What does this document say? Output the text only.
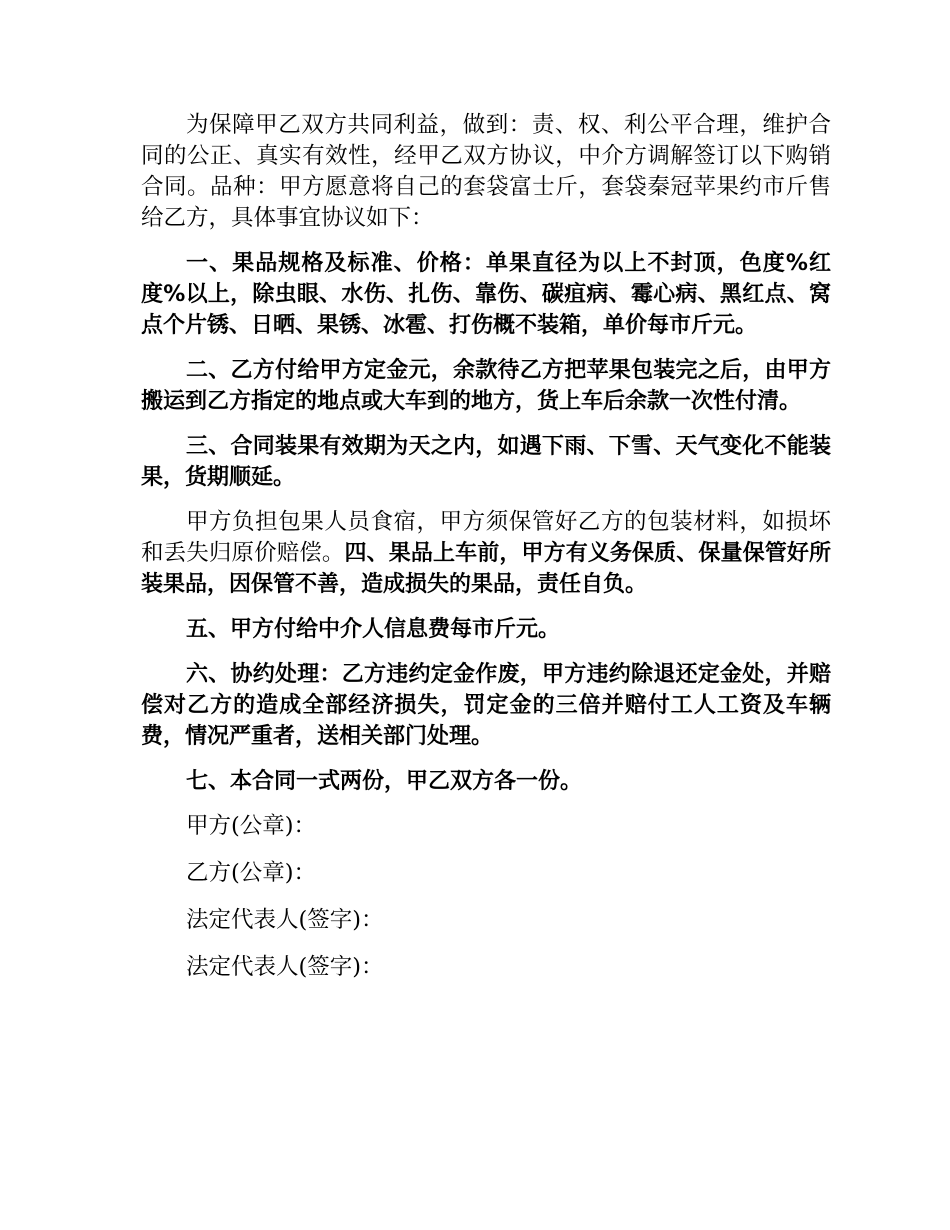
为保障甲乙双方共同利益，做到：责、权、利公平合理，维护合同的公正、真实有效性，经甲乙双方协议，中介方调解签订以下购销合同。品种：甲方愿意将自己的套袋富士斤，套袋秦冠苹果约市斤售给乙方，具体事宜协议如下：

一、果品规格及标准、价格：单果直径为以上不封顶，色度%红度%以上，除虫眼、水伤、扎伤、靠伤、碳疽病、霉心病、黑红点、窝点个片锈、日晒、果锈、冰雹、打伤概不装箱，单价每市斤元。

二、乙方付给甲方定金元，余款待乙方把苹果包装完之后，由甲方搬运到乙方指定的地点或大车到的地方，货上车后余款一次性付清。

三、合同装果有效期为天之内，如遇下雨、下雪、天气变化不能装果，货期顺延。

甲方负担包果人员食宿，甲方须保管好乙方的包装材料，如损坏和丢失归原价赔偿。四、果品上车前，甲方有义务保质、保量保管好所装果品，因保管不善，造成损失的果品，责任自负。

五、甲方付给中介人信息费每市斤元。

六、协约处理：乙方违约定金作废，甲方违约除退还定金处，并赔偿对乙方的造成全部经济损失，罚定金的三倍并赔付工人工资及车辆费，情况严重者，送相关部门处理。

七、本合同一式两份，甲乙双方各一份。

甲方(公章)：

乙方(公章)：

法定代表人(签字)：

法定代表人(签字)：
